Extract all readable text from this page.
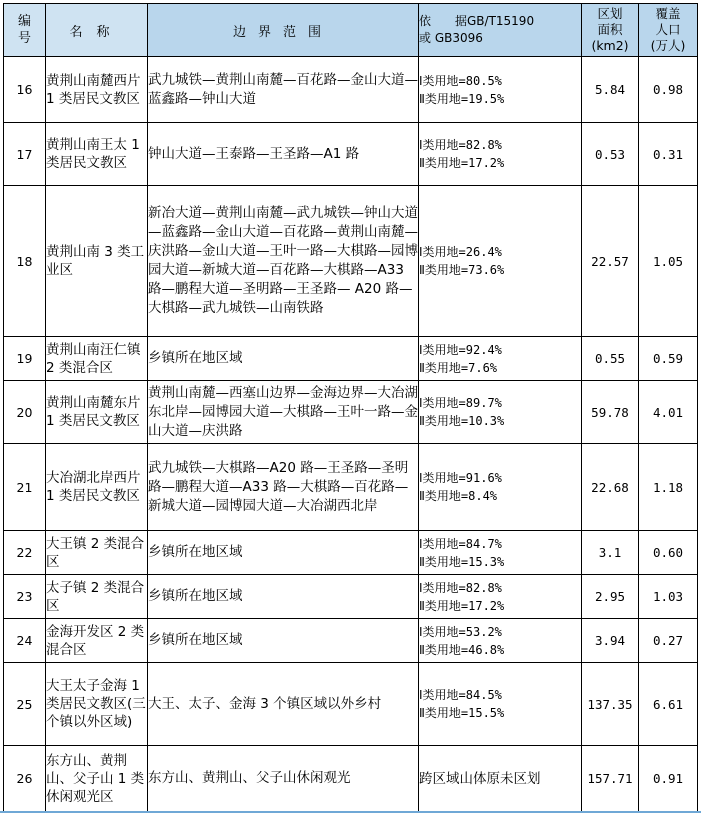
编
号	名称	边界范围	依　　据GB/T15190
或 GB3096	区划
面积
(km2)	覆盖
人口
(万人)
16	黄荆山南麓西片 1 类居民文教区	武九城铁—黄荆山南麓—百花路—金山大道—蓝鑫路—钟山大道	Ⅰ类用地=80.5%
Ⅱ类用地=19.5%	5.84	0.98
17	黄荆山南王太 1 类居民文教区	钟山大道—王泰路—王圣路—A1 路	Ⅰ类用地=82.8%
Ⅱ类用地=17.2%	0.53	0.31
18	黄荆山南 3 类工业区	新冶大道—黄荆山南麓—武九城铁—钟山大道—蓝鑫路—金山大道—百花路—黄荆山南麓—庆洪路—金山大道—王叶一路—大棋路—园博园大道—新城大道—百花路—大棋路—A33 路—鹏程大道—圣明路—王圣路— A20 路—大棋路—武九城铁—山南铁路	Ⅰ类用地=26.4%
Ⅱ类用地=73.6%	22.57	1.05
19	黄荆山南汪仁镇 2 类混合区	乡镇所在地区域	Ⅰ类用地=92.4%
Ⅱ类用地=7.6%	0.55	0.59
20	黄荆山南麓东片 1 类居民文教区	黄荆山南麓—西塞山边界—金海边界—大冶湖东北岸—园博园大道—大棋路—王叶一路—金山大道—庆洪路	Ⅰ类用地=89.7%
Ⅱ类用地=10.3%	59.78	4.01
21	大冶湖北岸西片 1 类居民文教区	武九城铁—大棋路—A20 路—王圣路—圣明路—鹏程大道—A33 路—大棋路—百花路—新城大道—园博园大道—大冶湖西北岸	Ⅰ类用地=91.6%
Ⅱ类用地=8.4%	22.68	1.18
22	大王镇 2 类混合区	乡镇所在地区域	Ⅰ类用地=84.7%
Ⅱ类用地=15.3%	3.1	0.60
23	太子镇 2 类混合区	乡镇所在地区域	Ⅰ类用地=82.8%
Ⅱ类用地=17.2%	2.95	1.03
24	金海开发区 2 类混合区	乡镇所在地区域	Ⅰ类用地=53.2%
Ⅱ类用地=46.8%	3.94	0.27
25	大王太子金海 1 类居民文教区(三个镇以外区域)	大王、太子、金海 3 个镇区域以外乡村	Ⅰ类用地=84.5%
Ⅱ类用地=15.5%	137.35	6.61
26	东方山、黄荆山、父子山 1 类休闲观光区	东方山、黄荆山、父子山休闲观光	跨区域山体原未区划	157.71	0.91
